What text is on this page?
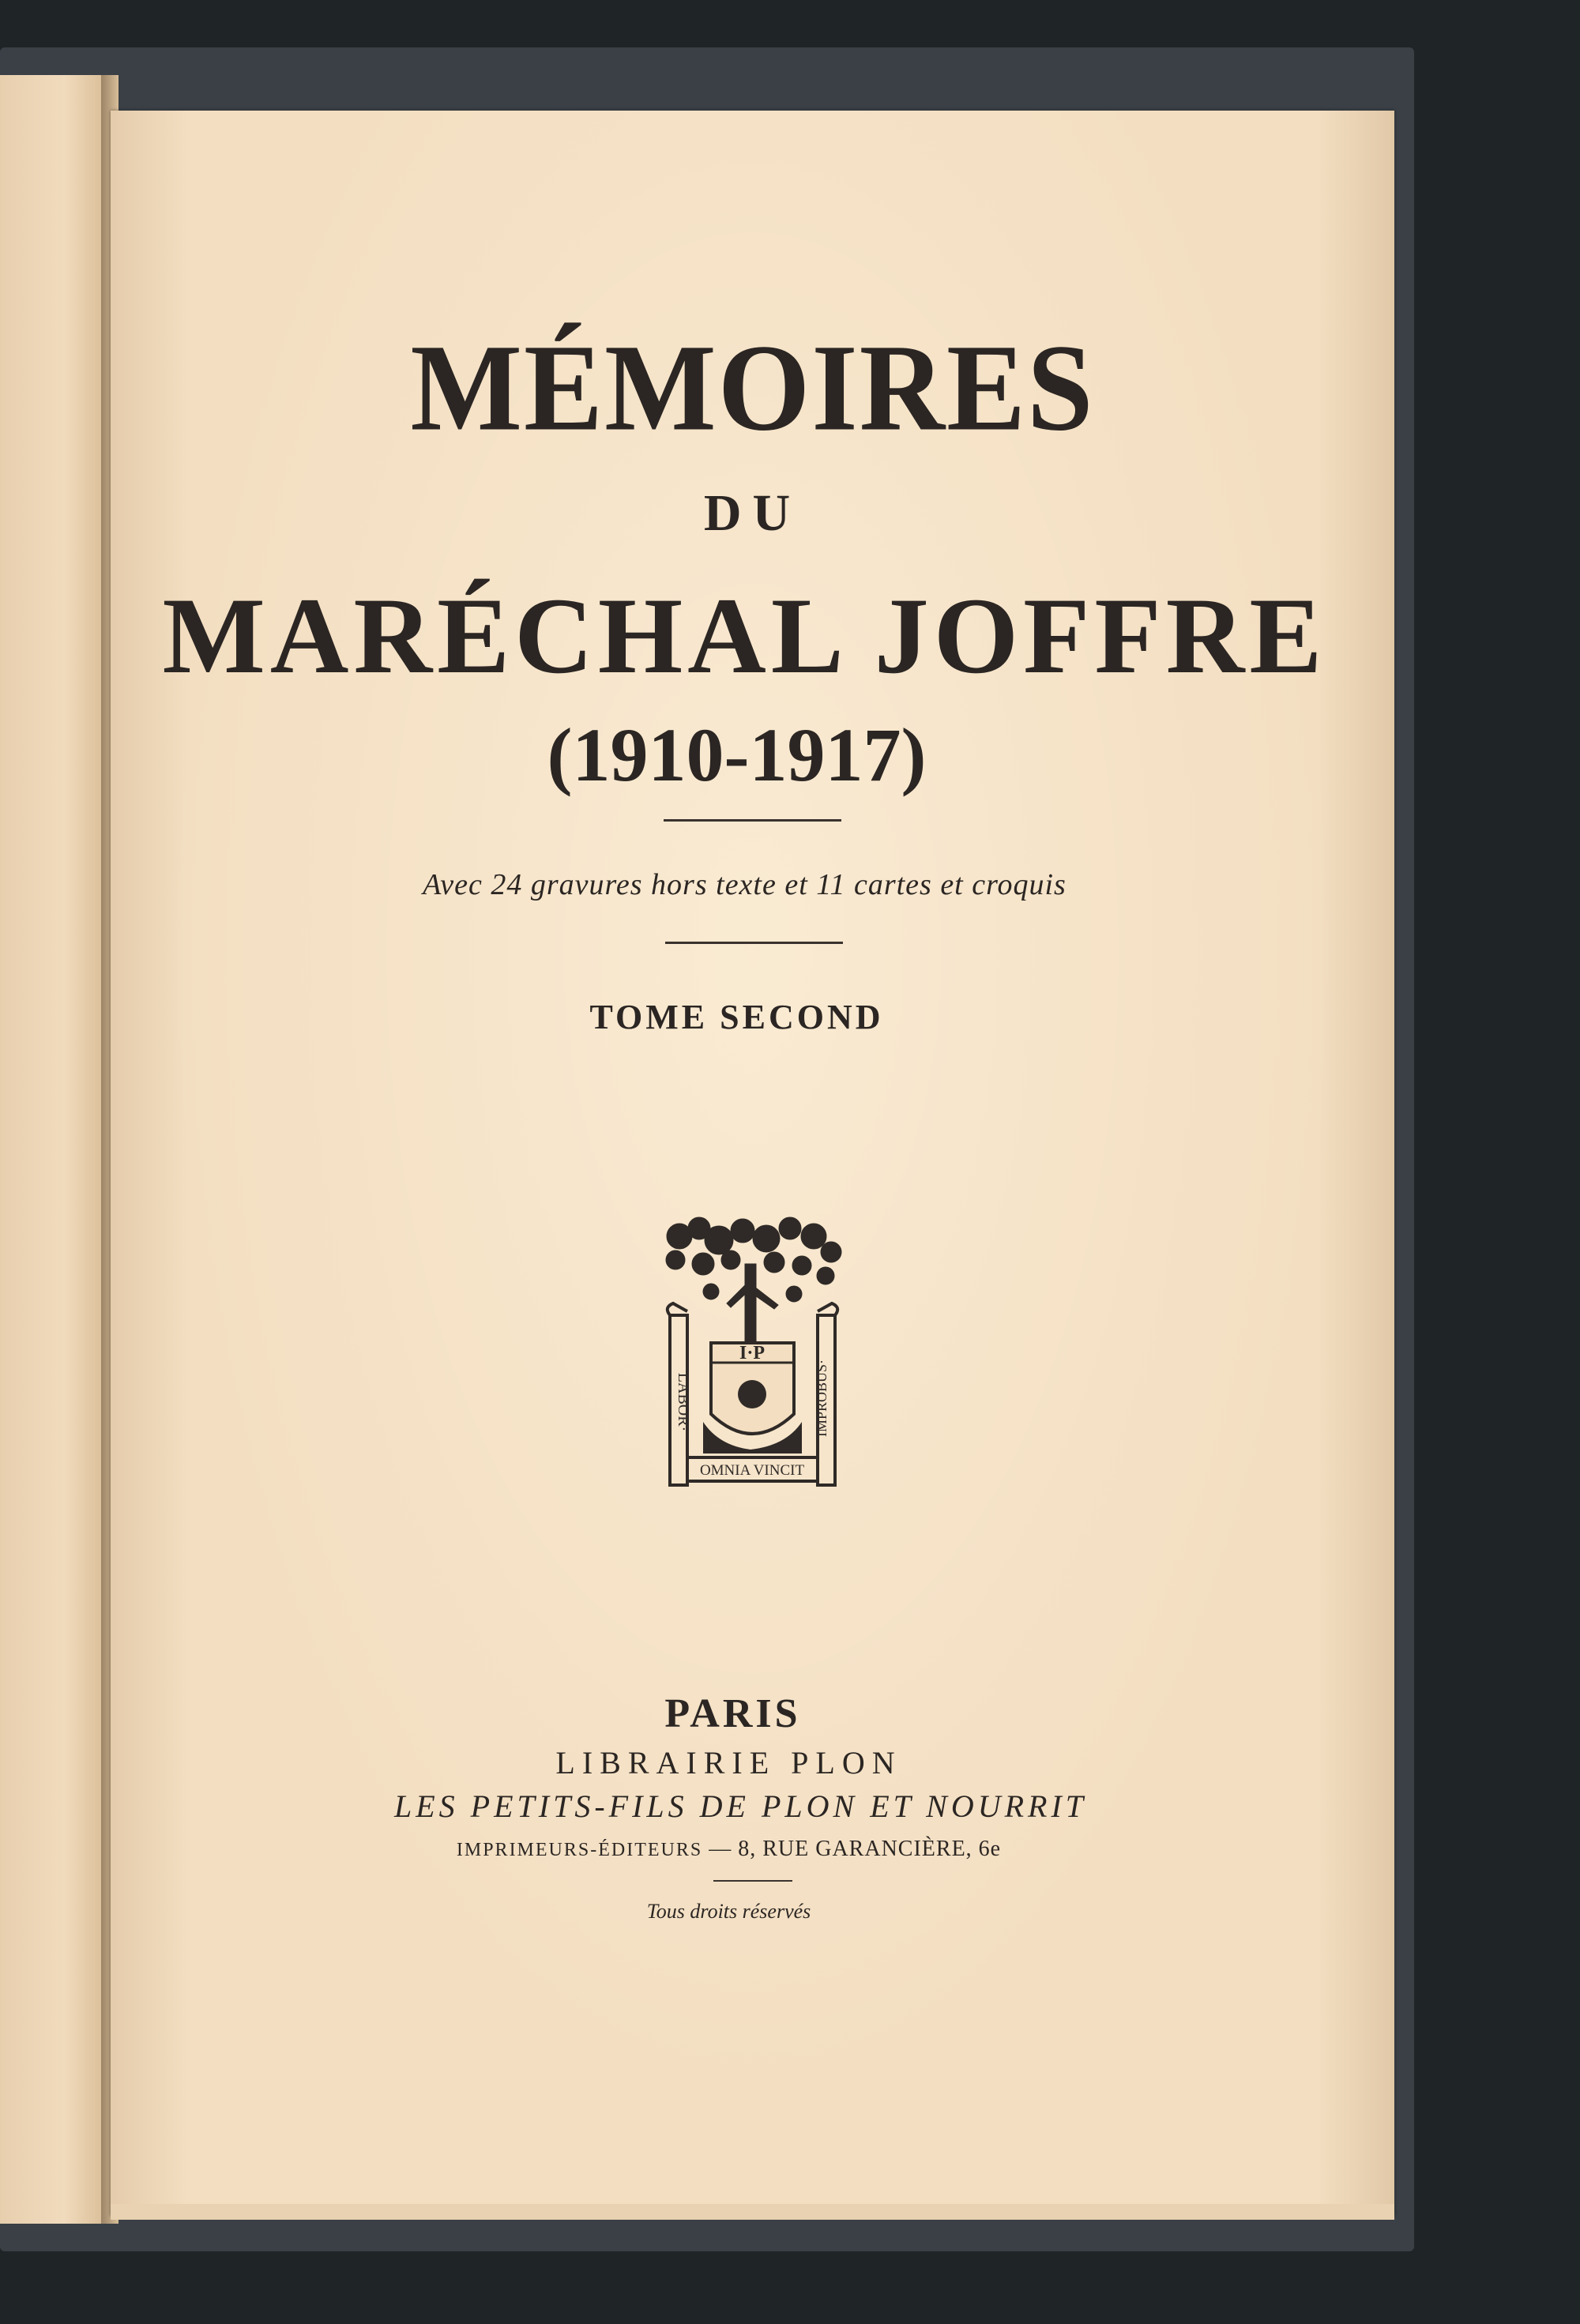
MÉMOIRES

DU

MARÉCHAL JOFFRE

(1910-1917)

Avec 24 gravures hors texte et 11 cartes et croquis

TOME SECOND

I·P
LABOR·	IMPROBUS·
OMNIA VINCIT

PARIS

LIBRAIRIE PLON

LES PETITS-FILS DE PLON ET NOURRIT

IMPRIMEURS-ÉDITEURS — 8, RUE GARANCIÈRE, 6e

Tous droits réservés
